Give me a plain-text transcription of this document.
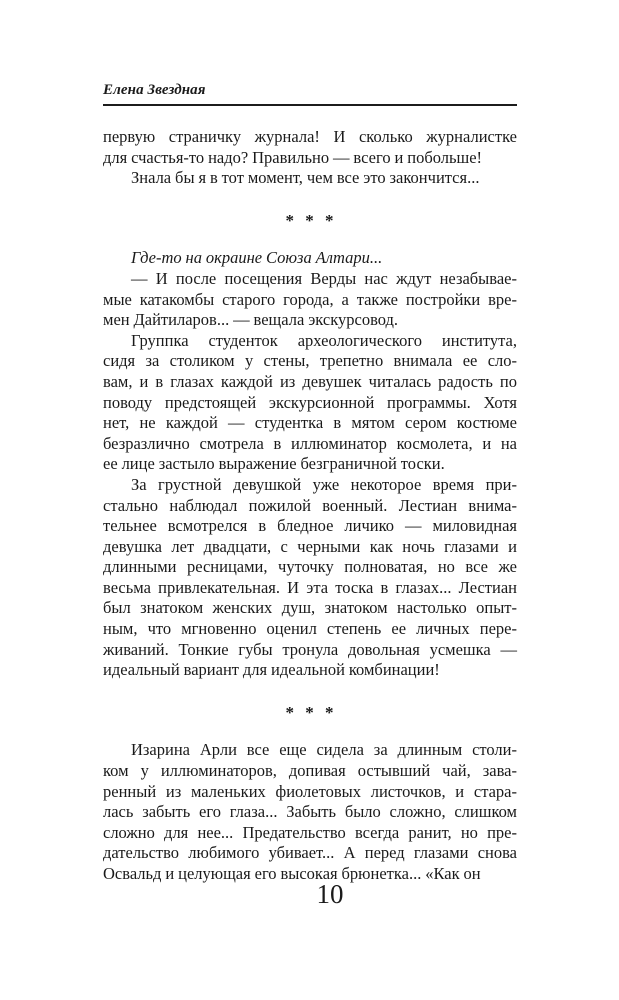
Елена Звездная

первую страничку журнала! И сколько журналистке
для счастья-то надо? Правильно — всего и побольше!

Знала бы я в тот момент, чем все это закончится...

* * *

Где-то на окраине Союза Алтари...

— И после посещения Верды нас ждут незабывае-
мые катакомбы старого города, а также постройки вре-
мен Дайтиларов... — вещала экскурсовод.

Группка студенток археологического института,
сидя за столиком у стены, трепетно внимала ее сло-
вам, и в глазах каждой из девушек читалась радость по
поводу предстоящей экскурсионной программы. Хотя
нет, не каждой — студентка в мятом сером костюме
безразлично смотрела в иллюминатор космолета, и на
ее лице застыло выражение безграничной тоски.

За грустной девушкой уже некоторое время при-
стально наблюдал пожилой военный. Лестиан внима-
тельнее всмотрелся в бледное личико — миловидная
девушка лет двадцати, с черными как ночь глазами и
длинными ресницами, чуточку полноватая, но все же
весьма привлекательная. И эта тоска в глазах... Лестиан
был знатоком женских душ, знатоком настолько опыт-
ным, что мгновенно оценил степень ее личных пере-
живаний. Тонкие губы тронула довольная усмешка —
идеальный вариант для идеальной комбинации!

* * *

Изарина Арли все еще сидела за длинным столи-
ком у иллюминаторов, допивая остывший чай, зава-
ренный из маленьких фиолетовых листочков, и стара-
лась забыть его глаза... Забыть было сложно, слишком
сложно для нее... Предательство всегда ранит, но пре-
дательство любимого убивает... А перед глазами снова
Освальд и целующая его высокая брюнетка... «Как он

10
